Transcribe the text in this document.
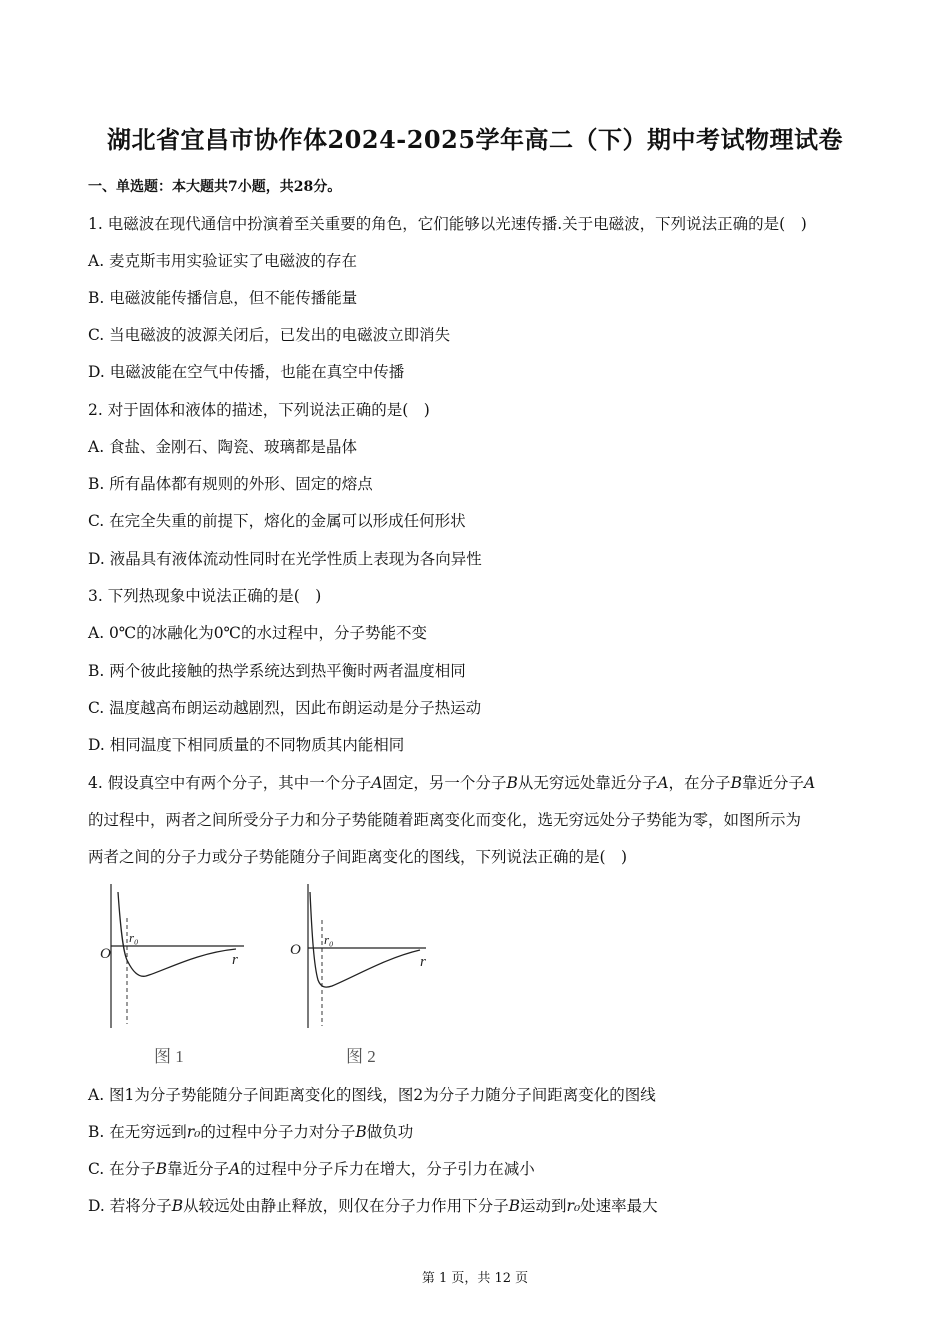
湖北省宜昌市协作体2024-2025学年高二（下）期中考试物理试卷
一、单选题：本大题共7小题，共28分。
1. 电磁波在现代通信中扮演着至关重要的角色，它们能够以光速传播.关于电磁波，下列说法正确的是(　)
A. 麦克斯韦用实验证实了电磁波的存在
B. 电磁波能传播信息，但不能传播能量
C. 当电磁波的波源关闭后，已发出的电磁波立即消失
D. 电磁波能在空气中传播，也能在真空中传播
2. 对于固体和液体的描述，下列说法正确的是(　)
A. 食盐、金刚石、陶瓷、玻璃都是晶体
B. 所有晶体都有规则的外形、固定的熔点
C. 在完全失重的前提下，熔化的金属可以形成任何形状
D. 液晶具有液体流动性同时在光学性质上表现为各向异性
3. 下列热现象中说法正确的是(　)
A. 0℃的冰融化为0℃的水过程中，分子势能不变
B. 两个彼此接触的热学系统达到热平衡时两者温度相同
C. 温度越高布朗运动越剧烈，因此布朗运动是分子热运动
D. 相同温度下相同质量的不同物质其内能相同
4. 假设真空中有两个分子，其中一个分子A固定，另一个分子B从无穷远处靠近分子A，在分子B靠近分子A
的过程中，两者之间所受分子力和分子势能随着距离变化而变化，选无穷远处分子势能为零，如图所示为
两者之间的分子力或分子势能随分子间距离变化的图线，下列说法正确的是(　)
O
r₀
r
图 1
O
r₀
r
图 2
A. 图1为分子势能随分子间距离变化的图线，图2为分子力随分子间距离变化的图线
B. 在无穷远到r₀的过程中分子力对分子B做负功
C. 在分子B靠近分子A的过程中分子斥力在增大，分子引力在减小
D. 若将分子B从较远处由静止释放，则仅在分子力作用下分子B运动到r₀处速率最大
第 1 页，共 12 页
